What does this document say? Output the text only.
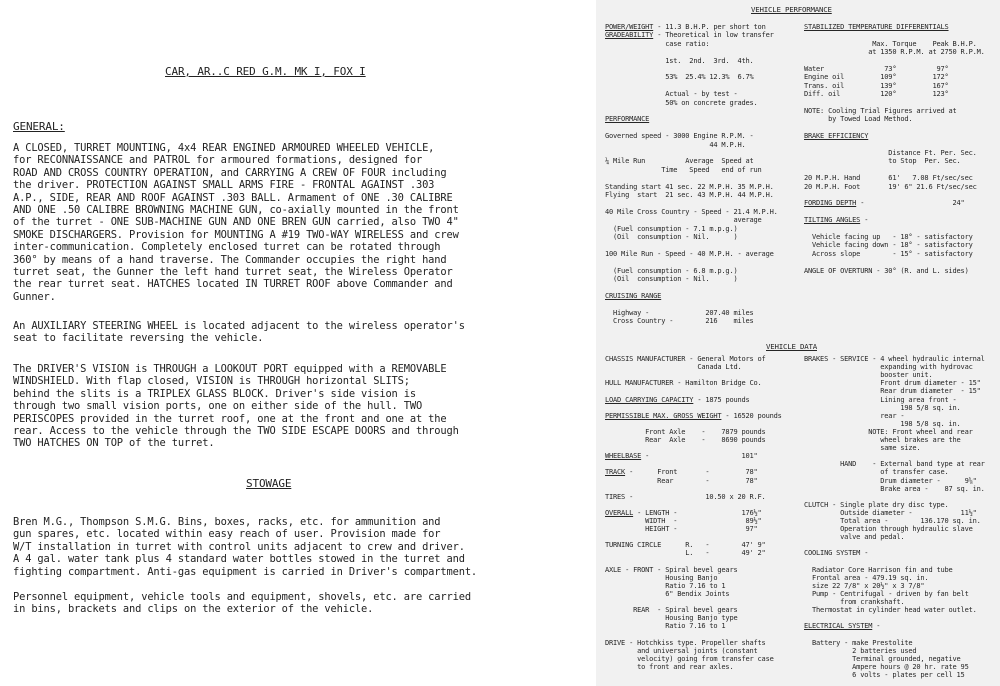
CAR, AR..C RED G.M. MK I, FOX I
GENERAL:
A CLOSED, TURRET MOUNTING, 4x4 REAR ENGINED ARMOURED WHEELED VEHICLE,
for RECONNAISSANCE and PATROL for armoured formations, designed for
ROAD AND CROSS COUNTRY OPERATION, and CARRYING A CREW OF FOUR including
the driver. PROTECTION AGAINST SMALL ARMS FIRE - FRONTAL AGAINST .303
A.P., SIDE, REAR AND ROOF AGAINST .303 BALL. Armament of ONE .30 CALIBRE
AND ONE .50 CALIBRE BROWNING MACHINE GUN, co-axially mounted in the front
of the turret - ONE SUB-MACHINE GUN AND ONE BREN GUN carried, also TWO 4"
SMOKE DISCHARGERS. Provision for MOUNTING A #19 TWO-WAY WIRELESS and crew
inter-communication. Completely enclosed turret can be rotated through
360° by means of a hand traverse. The Commander occupies the right hand
turret seat, the Gunner the left hand turret seat, the Wireless Operator
the rear turret seat. HATCHES located IN TURRET ROOF above Commander and
Gunner.
An AUXILIARY STEERING WHEEL is located adjacent to the wireless operator's
seat to facilitate reversing the vehicle.
The DRIVER'S VISION is THROUGH a LOOKOUT PORT equipped with a REMOVABLE
WINDSHIELD. With flap closed, VISION is THROUGH horizontal SLITS;
behind the slits is a TRIPLEX GLASS BLOCK. Driver's side vision is
through two small vision ports, one on either side of the hull. TWO
PERISCOPES provided in the turret roof, one at the front and one at the
rear. Access to the vehicle through the TWO SIDE ESCAPE DOORS and through
TWO HATCHES ON TOP of the turret.
STOWAGE
Bren M.G., Thompson S.M.G. Bins, boxes, racks, etc. for ammunition and
gun spares, etc. located within easy reach of user. Provision made for
W/T installation in turret with control units adjacent to crew and driver.
A 4 gal. water tank plus 4 standard water bottles stowed in the turret and
fighting compartment. Anti-gas equipment is carried in Driver's compartment.
Personnel equipment, vehicle tools and equipment, shovels, etc. are carried
in bins, brackets and clips on the exterior of the vehicle.
VEHICLE PERFORMANCE
POWER/WEIGHT - 11.3 B.H.P. per short ton
GRADEABILITY - Theoretical in low transfer
case ratio:
1st.  2nd.  3rd.  4th.
53%  25.4% 12.3%  6.7%
Actual - by test -
50% on concrete grades.
PERFORMANCE
Governed speed - 3000 Engine R.P.M. -
44 M.P.H.
¼ Mile Run          Average  Speed at
Time   Speed   end of run
Standing start 41 sec. 22 M.P.H. 35 M.P.H.
Flying  start  21 sec. 43 M.P.H. 44 M.P.H.
40 Mile Cross Country - Speed - 21.4 M.P.H.
average
(Fuel consumption - 7.1 m.p.g.)
(Oil  consumption - Nil.      )
100 Mile Run - Speed - 40 M.P.H. - average
(Fuel consumption - 6.8 m.p.g.)
(Oil  consumption - Nil.      )
CRUISING RANGE
Highway -              207.40 miles
Cross Country -        216    miles
STABILIZED TEMPERATURE DIFFERENTIALS
Max. Torque    Peak B.H.P.
at 1350 R.P.M. at 2750 R.P.M.
Water               73°          97°
Engine oil         109°         172°
Trans. oil         139°         167°
Diff. oil          120°         123°
NOTE: Cooling Trial Figures arrived at
by Towed Load Method.
BRAKE EFFICIENCY
Distance Ft. Per. Sec.
to Stop  Per. Sec.
20 M.P.H. Hand       61'   7.08 Ft/sec/sec
20 M.P.H. Foot       19' 6" 21.6 Ft/sec/sec
FORDING DEPTH -                      24"
TILTING ANGLES -
Vehicle facing up   - 18° - satisfactory
Vehicle facing down - 18° - satisfactory
Across slope        - 15° - satisfactory
ANGLE OF OVERTURN - 30° (R. and L. sides)
VEHICLE DATA
CHASSIS MANUFACTURER - General Motors of
Canada Ltd.
HULL MANUFACTURER - Hamilton Bridge Co.
LOAD CARRYING CAPACITY - 1875 pounds
PERMISSIBLE MAX. GROSS WEIGHT - 16520 pounds
Front Axle    -    7879 pounds
Rear  Axle    -    8690 pounds
WHEELBASE -                       101"
TRACK -      Front       -         78"
Rear        -         78"
TIRES -                  10.50 x 20 R.F.
OVERALL - LENGTH -                176½"
WIDTH  -                 89½"
HEIGHT -                 97"
TURNING CIRCLE      R.   -        47' 9"
L.   -        49' 2"
AXLE - FRONT - Spiral bevel gears
Housing Banjo
Ratio 7.16 to 1
6" Bendix Joints
REAR  - Spiral bevel gears
Housing Banjo type
Ratio 7.16 to 1
DRIVE - Hotchkiss type. Propeller shafts
and universal joints (constant
velocity) going from transfer case
to front and rear axles.
BRAKES - SERVICE - 4 wheel hydraulic internal
expanding with hydrovac
booster unit.
Front drum diameter - 15"
Rear drum diameter  - 15"
Lining area front -
198 5/8 sq. in.
rear -
198 5/8 sq. in.
NOTE: Front wheel and rear
wheel brakes are the
same size.
HAND    - External band type at rear
of transfer case.
Drum diameter -      9⅝"
Brake area -    87 sq. in.
CLUTCH - Single plate dry disc type.
Outside diameter -            11½"
Total area -        136.170 sq. in.
Operation through hydraulic slave
valve and pedal.
COOLING SYSTEM -
Radiator Core Harrison fin and tube
Frontal area - 479.19 sq. in.
size 22 7/8" x 20½" x 3 7/8"
Pump - Centrifugal - driven by fan belt
from crankshaft.
Thermostat in cylinder head water outlet.
ELECTRICAL SYSTEM -
Battery - make Prestolite
2 batteries used
Terminal grounded, negative
Ampere hours @ 20 hr. rate 95
6 volts - plates per cell 15
